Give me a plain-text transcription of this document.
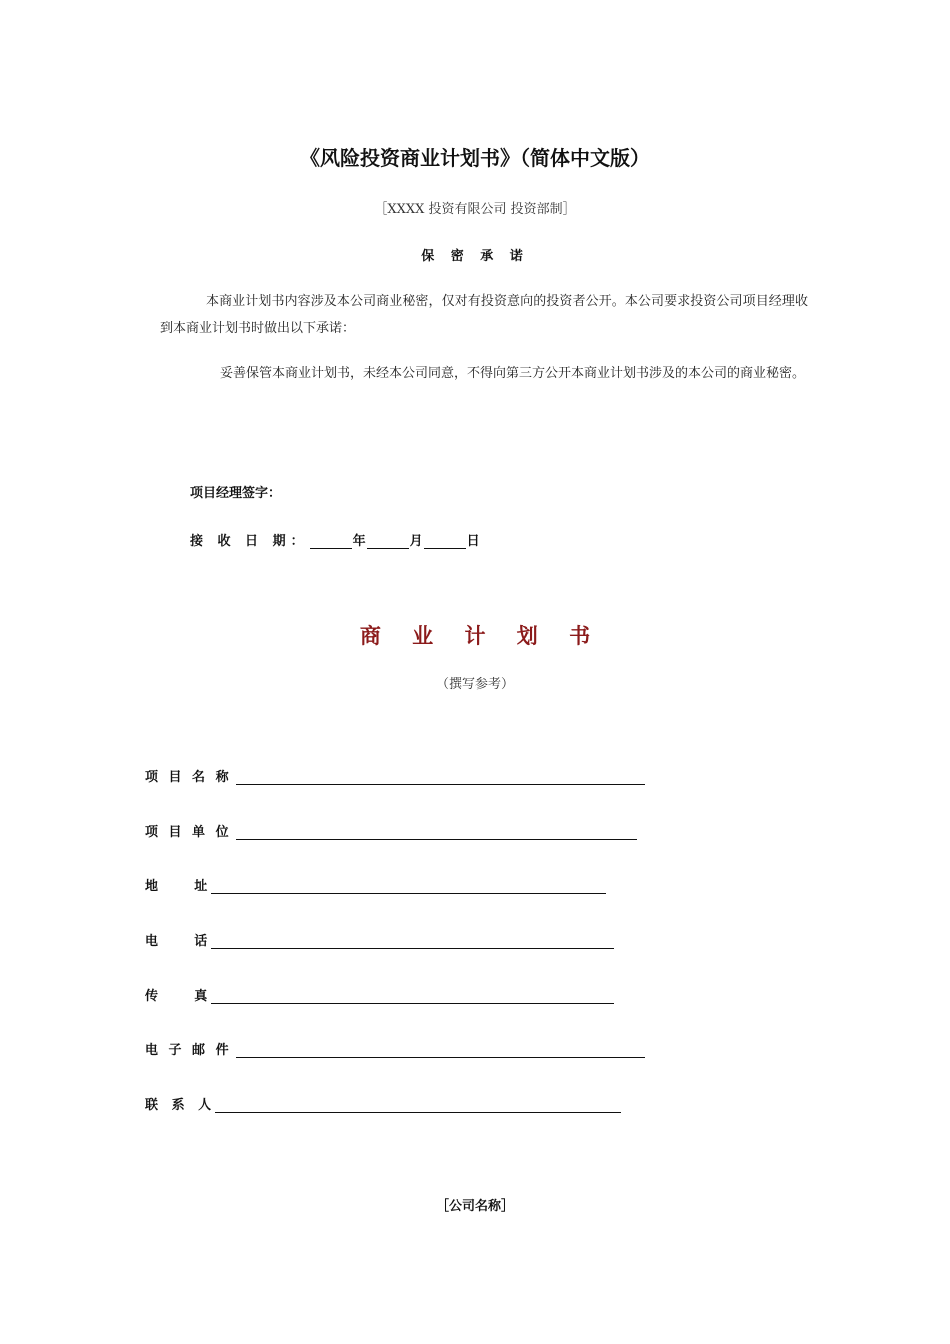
《风险投资商业计划书》（简体中文版）
［XXXX 投资有限公司 投资部制］
保 密 承 诺
本商业计划书内容涉及本公司商业秘密，仅对有投资意向的投资者公开。本公司要求投资公司项目经理收到本商业计划书时做出以下承诺：
妥善保管本商业计划书，未经本公司同意，不得向第三方公开本商业计划书涉及的本公司的商业秘密。
项目经理签字：
接 收 日 期：	年	月	日
商 业 计 划 书
（撰写参考）
项 目 名 称
项 目 单 位
地        址
电        话
传        真
电 子 邮 件
联   系   人
［公司名称］
